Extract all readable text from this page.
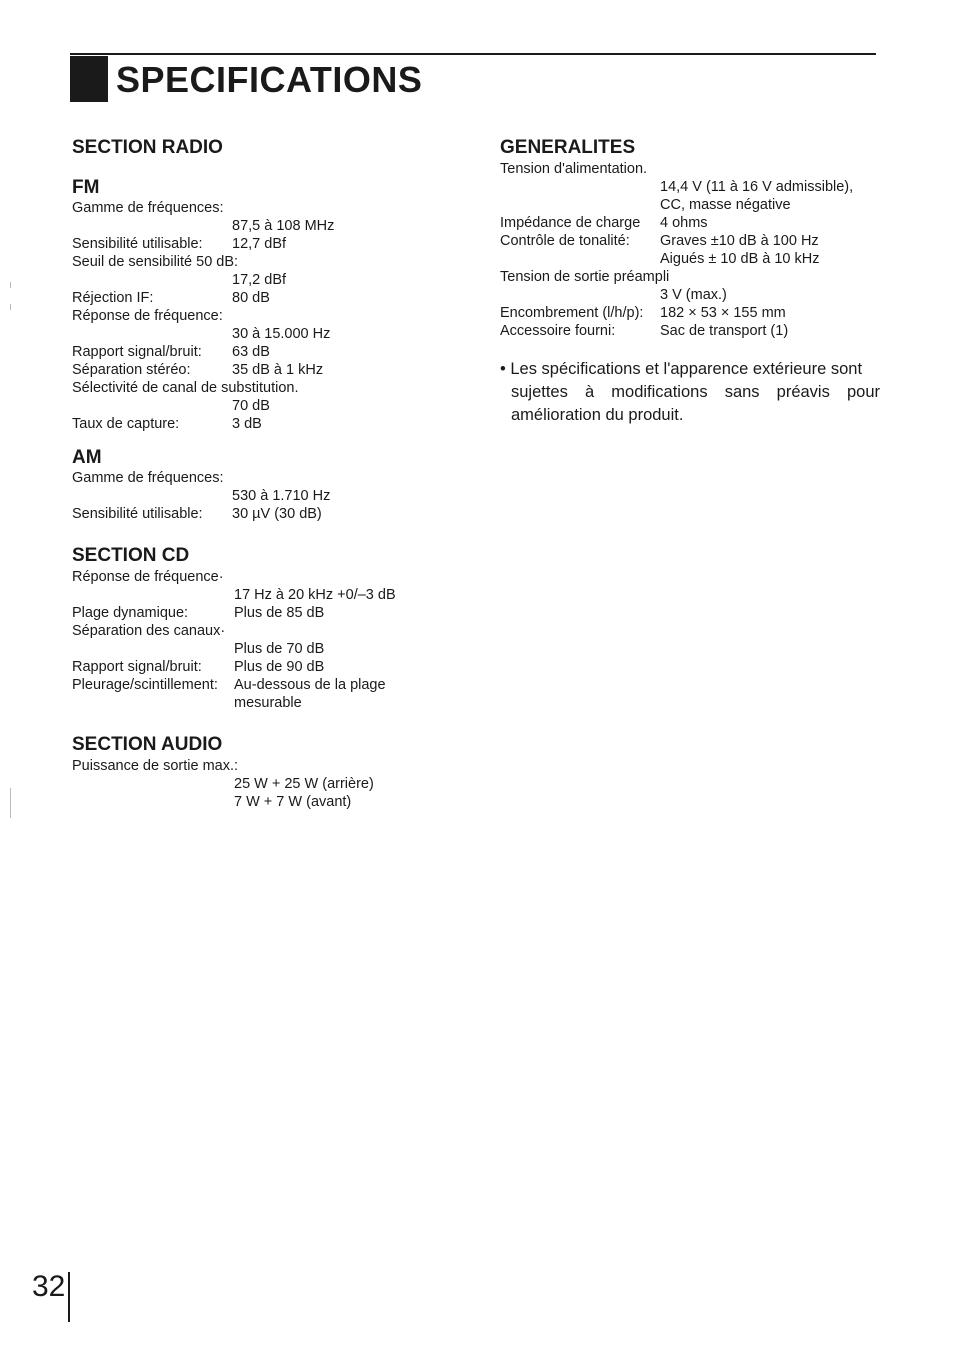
SPECIFICATIONS
SECTION RADIO
FM
Gamme de fréquences:
87,5 à 108 MHz
Sensibilité utilisable:	12,7 dBf
Seuil de sensibilité 50 dB:
17,2 dBf
Réjection IF:	80 dB
Réponse de fréquence:
30 à 15.000 Hz
Rapport signal/bruit:	63 dB
Séparation stéréo:	35 dB à 1 kHz
Sélectivité de canal de substitution.
70 dB
Taux de capture:	3 dB
AM
Gamme de fréquences:
530 à 1.710 Hz
Sensibilité utilisable:	30 µV (30 dB)
SECTION CD
Réponse de fréquence·
17 Hz à 20 kHz +0/–3 dB
Plage dynamique:	Plus de 85 dB
Séparation des canaux·
Plus de 70 dB
Rapport signal/bruit:	Plus de 90 dB
Pleurage/scintillement:	Au-dessous de la plage
mesurable
SECTION AUDIO
Puissance de sortie max.:
25 W + 25 W (arrière)
7 W + 7 W (avant)
GENERALITES
Tension d'alimentation.
14,4 V (11 à 16 V admissible),
CC, masse négative
Impédance de charge	4 ohms
Contrôle de tonalité:	Graves ±10 dB à 100 Hz
Aigués ± 10 dB à 10 kHz
Tension de sortie préampli
3 V (max.)
Encombrement (l/h/p):	182 × 53 × 155 mm
Accessoire fourni:	Sac de transport (1)
• Les spécifications et l'apparence extérieure sont
sujettes à modifications sans préavis pour amélioration du produit.
32
